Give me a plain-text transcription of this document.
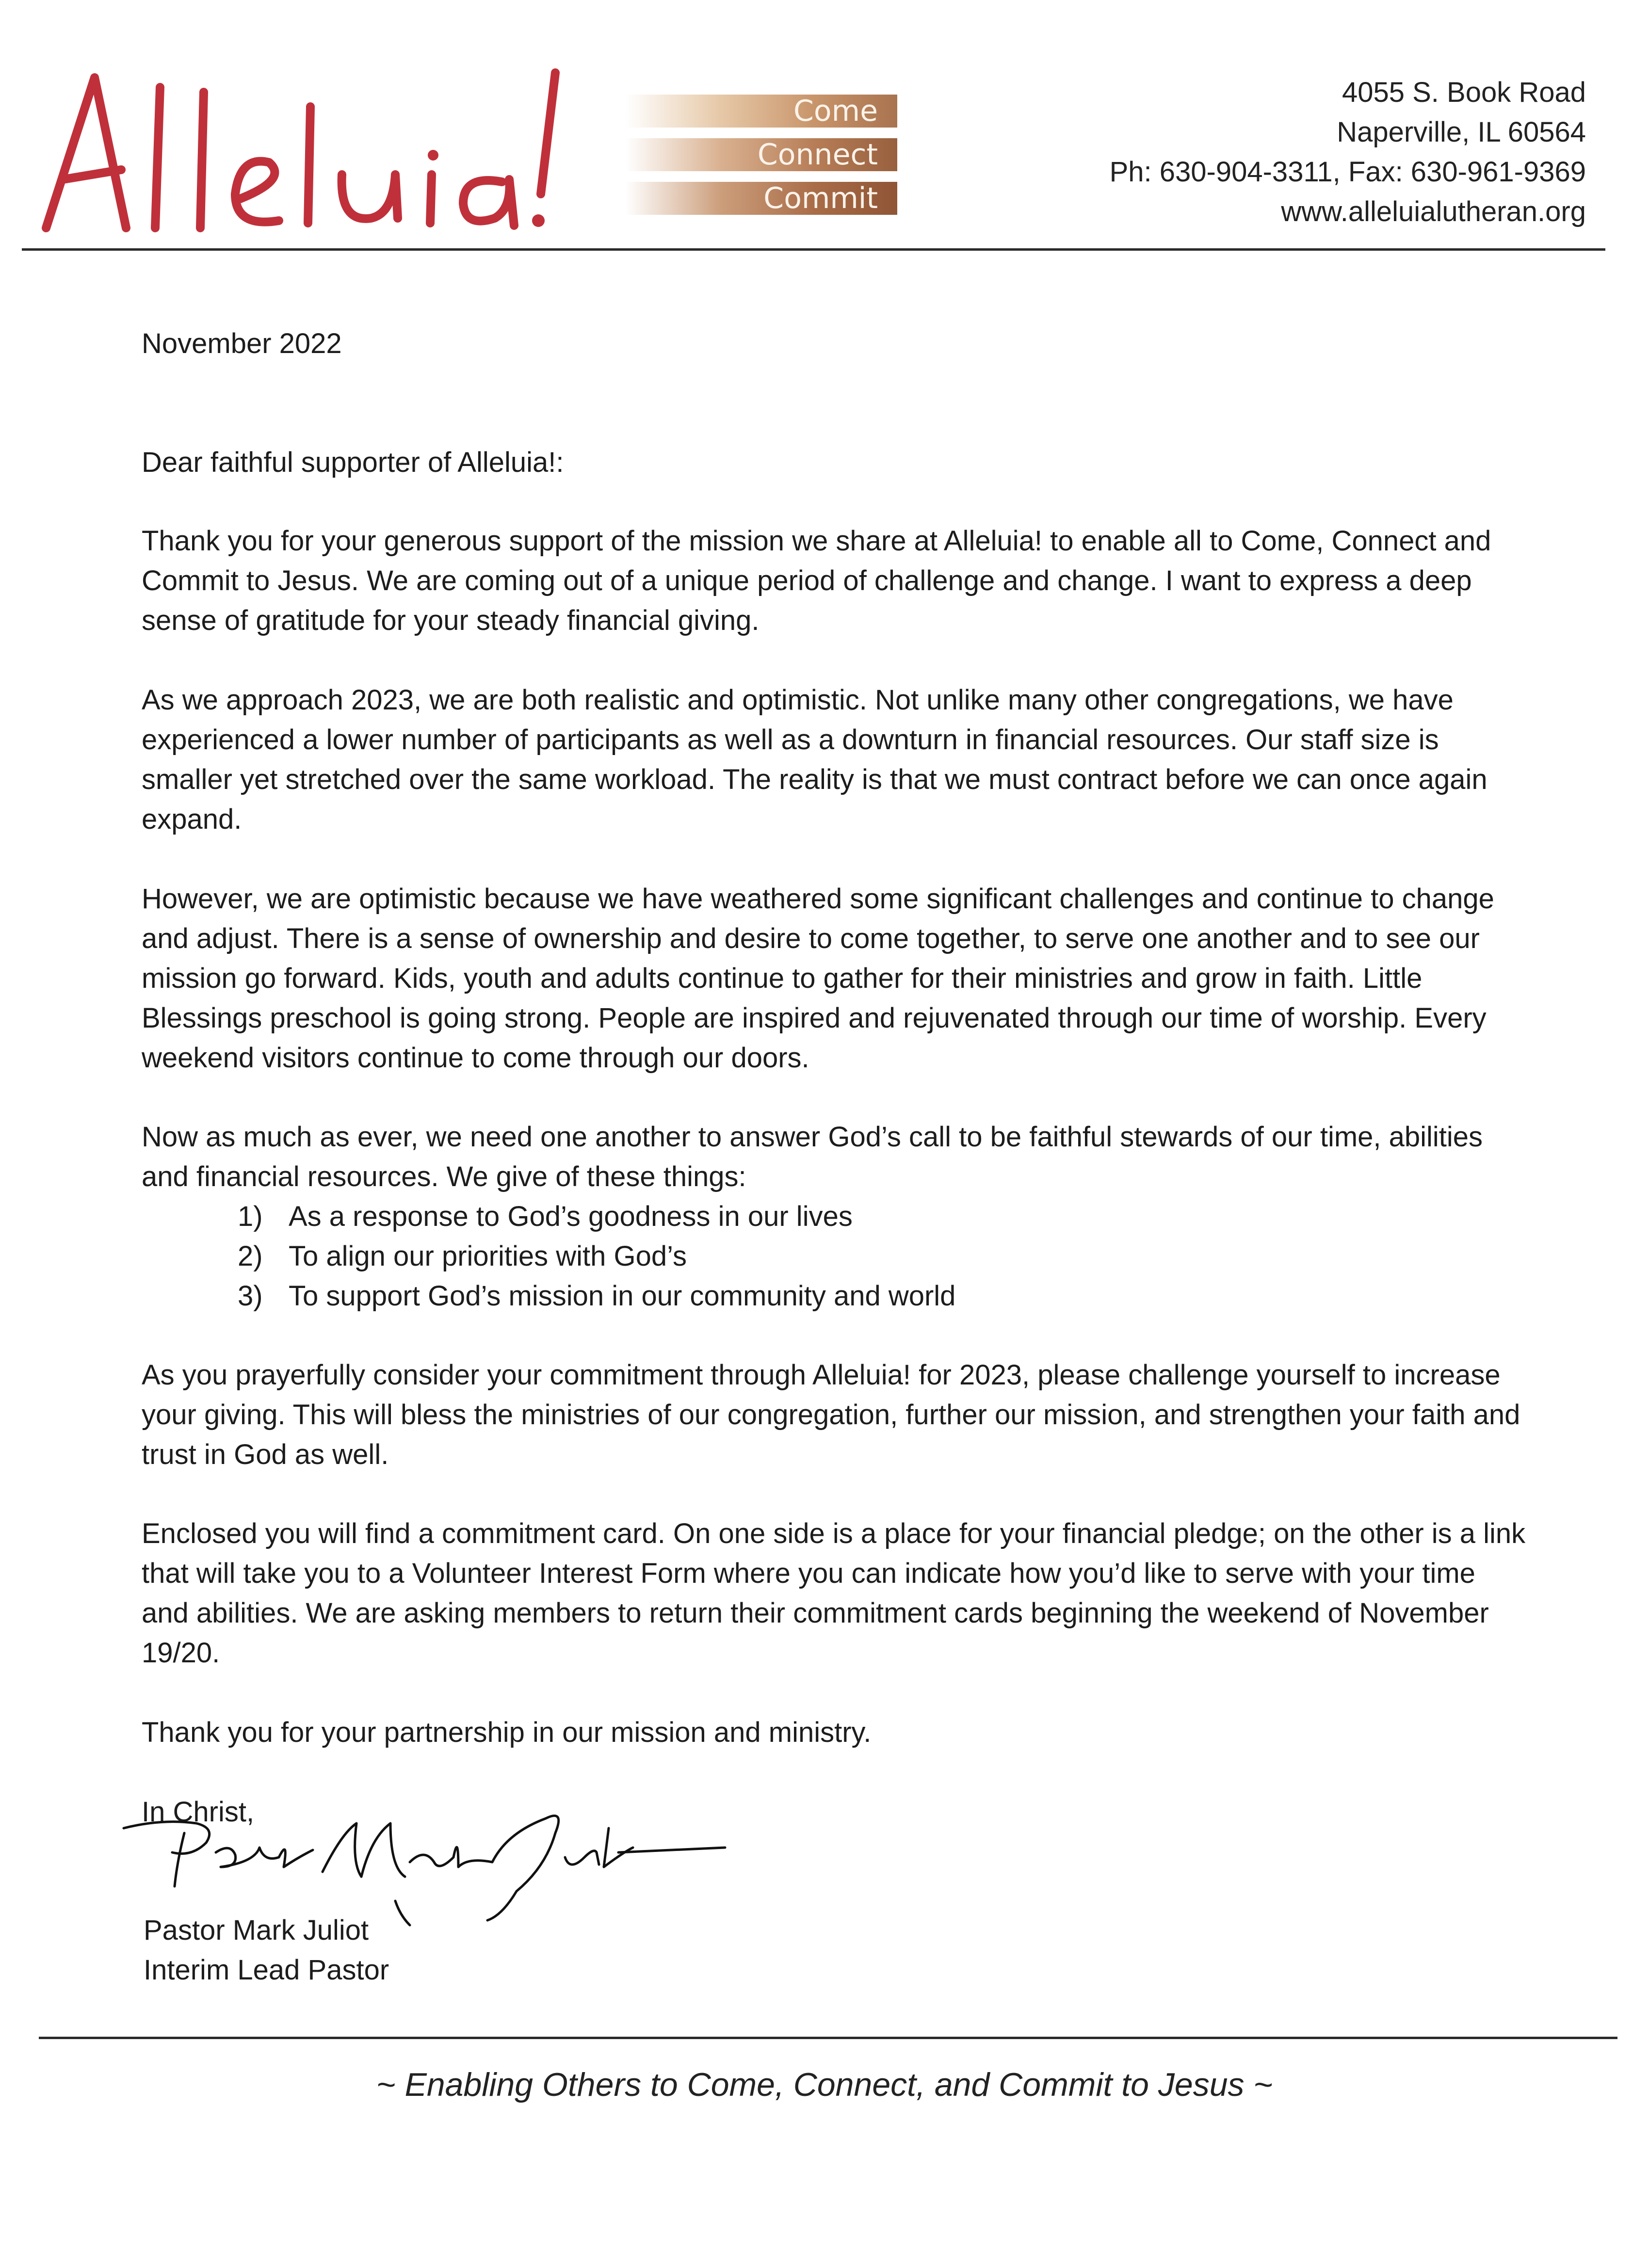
Come
Connect
Commit
4055 S. Book Road
Naperville, IL 60564
Ph: 630-904-3311, Fax: 630-961-9369
www.alleluialutheran.org
November 2022
Dear faithful supporter of Alleluia!:

Thank you for your generous support of the mission we share at Alleluia! to enable all to Come, Connect and Commit to Jesus. We are coming out of a unique period of challenge and change. I want to express a deep sense of gratitude for your steady financial giving.

As we approach 2023, we are both realistic and optimistic. Not unlike many other congregations, we have experienced a lower number of participants as well as a downturn in financial resources. Our staff size is smaller yet stretched over the same workload. The reality is that we must contract before we can once again expand.

However, we are optimistic because we have weathered some significant challenges and continue to change and adjust. There is a sense of ownership and desire to come together, to serve one another and to see our mission go forward. Kids, youth and adults continue to gather for their ministries and grow in faith. Little Blessings preschool is going strong. People are inspired and rejuvenated through our time of worship. Every weekend visitors continue to come through our doors.

Now as much as ever, we need one another to answer God’s call to be faithful stewards of our time, abilities and financial resources. We give of these things:

1) As a response to God’s goodness in our lives
2) To align our priorities with God’s
3) To support God’s mission in our community and world

As you prayerfully consider your commitment through Alleluia! for 2023, please challenge yourself to increase your giving. This will bless the ministries of our congregation, further our mission, and strengthen your faith and trust in God as well.

Enclosed you will find a commitment card. On one side is a place for your financial pledge; on the other is a link that will take you to a Volunteer Interest Form where you can indicate how you’d like to serve with your time and abilities. We are asking members to return their commitment cards beginning the weekend of November 19/20.

Thank you for your partnership in our mission and ministry.

In Christ,
Pastor Mark Juliot
Interim Lead Pastor
~ Enabling Others to Come, Connect, and Commit to Jesus ~
